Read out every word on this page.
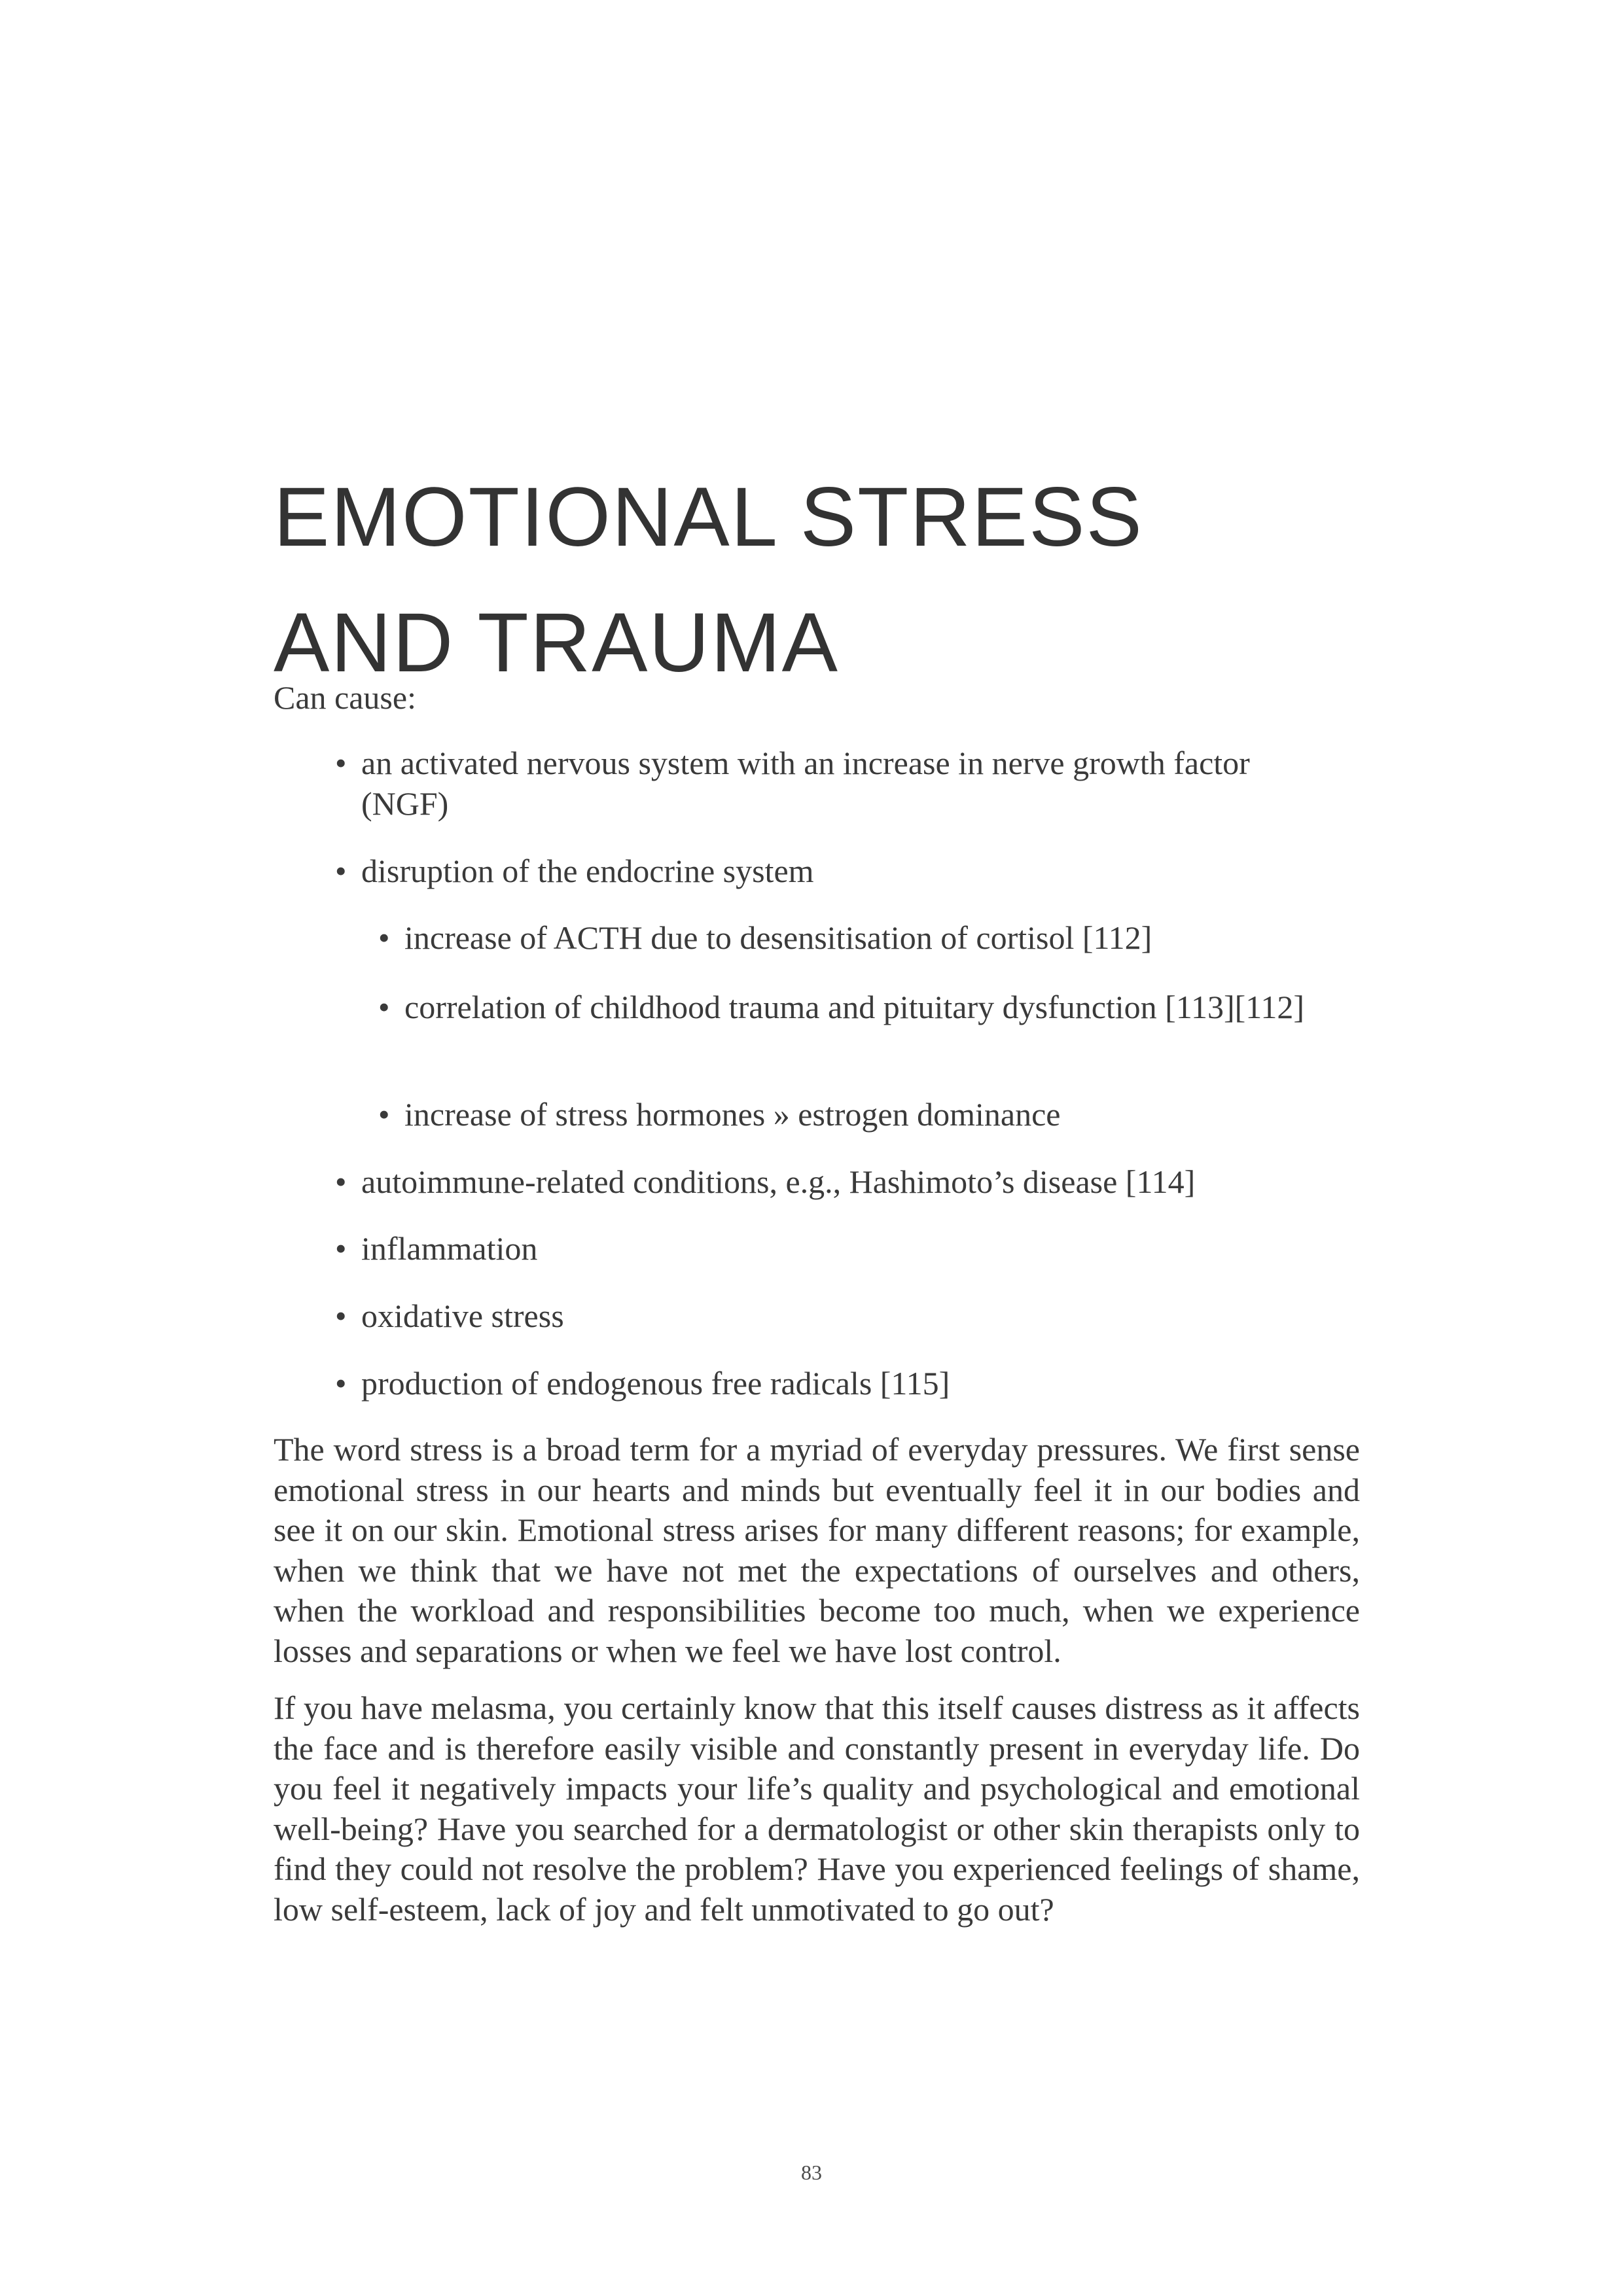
EMOTIONAL STRESS
AND TRAUMA

Can cause:

• an activated nervous system with an increase in nerve growth factor (NGF)
• disruption of the endocrine system
• increase of ACTH due to desensitisation of cortisol [112]
• correlation of childhood trauma and pituitary dysfunction [113][112]
• increase of stress hormones » estrogen dominance
• autoimmune-related conditions, e.g., Hashimoto’s disease [114]
• inflammation
• oxidative stress
• production of endogenous free radicals [115]

The word stress is a broad term for a myriad of everyday pressures. We first sense emotional stress in our hearts and minds but eventually feel it in our bodies and see it on our skin. Emotional stress arises for many different reasons; for example, when we think that we have not met the expectations of ourselves and others, when the workload and responsibilities become too much, when we experience losses and separations or when we feel we have lost control.

If you have melasma, you certainly know that this itself causes distress as it affects the face and is therefore easily visible and constantly present in everyday life. Do you feel it negatively impacts your life’s quality and psychological and emotional well-being? Have you searched for a dermatologist or other skin therapists only to find they could not resolve the problem? Have you experienced feelings of shame, low self-esteem, lack of joy and felt unmotivated to go out?

83
